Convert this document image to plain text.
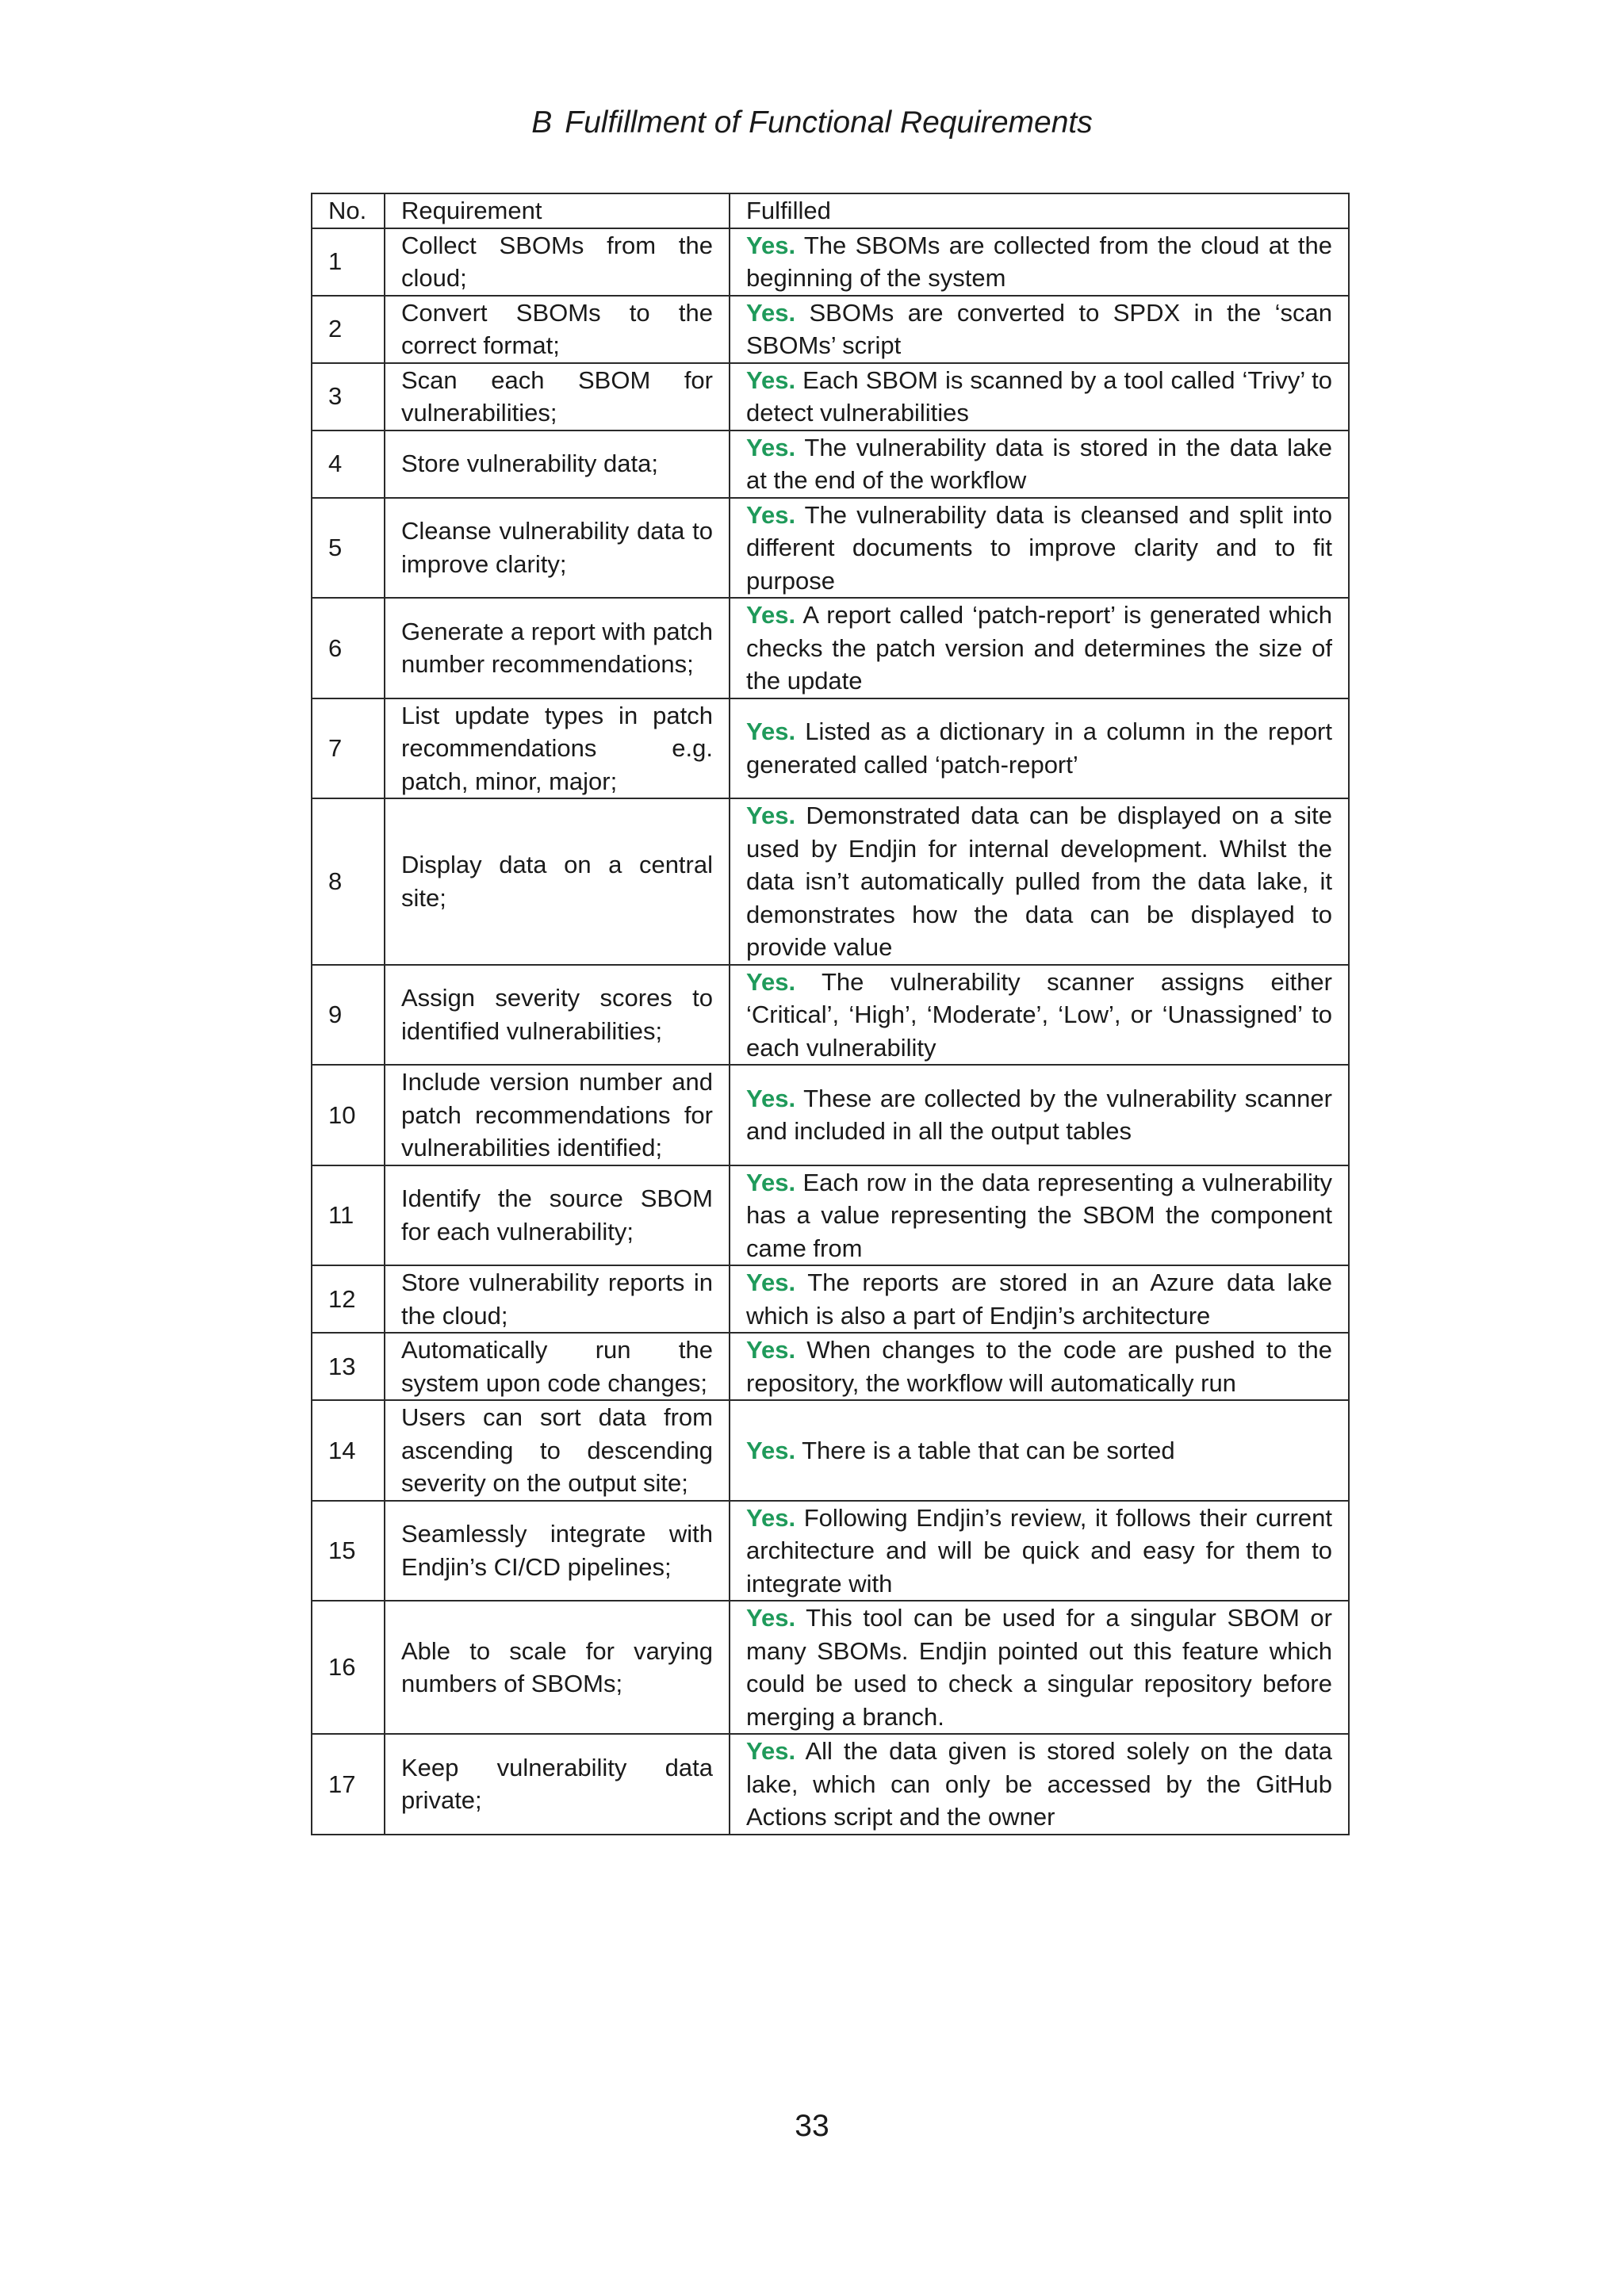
B Fulfillment of Functional Requirements
No.	Requirement	Fulfilled
1	Collect SBOMs from the cloud;	Yes. The SBOMs are collected from the cloud at the beginning of the system
2	Convert SBOMs to the correct format;	Yes. SBOMs are converted to SPDX in the ‘scan SBOMs’ script
3	Scan each SBOM for vulnerabilities;	Yes. Each SBOM is scanned by a tool called ‘Trivy’ to detect vulnerabilities
4	Store vulnerability data;	Yes. The vulnerability data is stored in the data lake at the end of the workflow
5	Cleanse vulnerability data to improve clarity;	Yes. The vulnerability data is cleansed and split into different documents to improve clarity and to fit purpose
6	Generate a report with patch number recommendations;	Yes. A report called ‘patch-report’ is generated which checks the patch version and determines the size of the update
7	List update types in patch recommendations e.g. patch, minor, major;	Yes. Listed as a dictionary in a column in the report generated called ‘patch-report’
8	Display data on a central site;	Yes. Demonstrated data can be displayed on a site used by Endjin for internal development. Whilst the data isn’t automatically pulled from the data lake, it demonstrates how the data can be displayed to provide value
9	Assign severity scores to identified vulnerabilities;	Yes. The vulnerability scanner assigns either ‘Critical’, ‘High’, ‘Moderate’, ‘Low’, or ‘Unassigned’ to each vulnerability
10	Include version number and patch recommendations for vulnerabilities identified;	Yes. These are collected by the vulnerability scanner and included in all the output tables
11	Identify the source SBOM for each vulnerability;	Yes. Each row in the data representing a vulnerability has a value representing the SBOM the component came from
12	Store vulnerability reports in the cloud;	Yes. The reports are stored in an Azure data lake which is also a part of Endjin’s architecture
13	Automatically run the system upon code changes;	Yes. When changes to the code are pushed to the repository, the workflow will automatically run
14	Users can sort data from ascending to descending severity on the output site;	Yes. There is a table that can be sorted
15	Seamlessly integrate with Endjin’s CI/CD pipelines;	Yes. Following Endjin’s review, it follows their current architecture and will be quick and easy for them to integrate with
16	Able to scale for varying numbers of SBOMs;	Yes. This tool can be used for a singular SBOM or many SBOMs. Endjin pointed out this feature which could be used to check a singular repository before merging a branch.
17	Keep vulnerability data private;	Yes. All the data given is stored solely on the data lake, which can only be accessed by the GitHub Actions script and the owner
33
